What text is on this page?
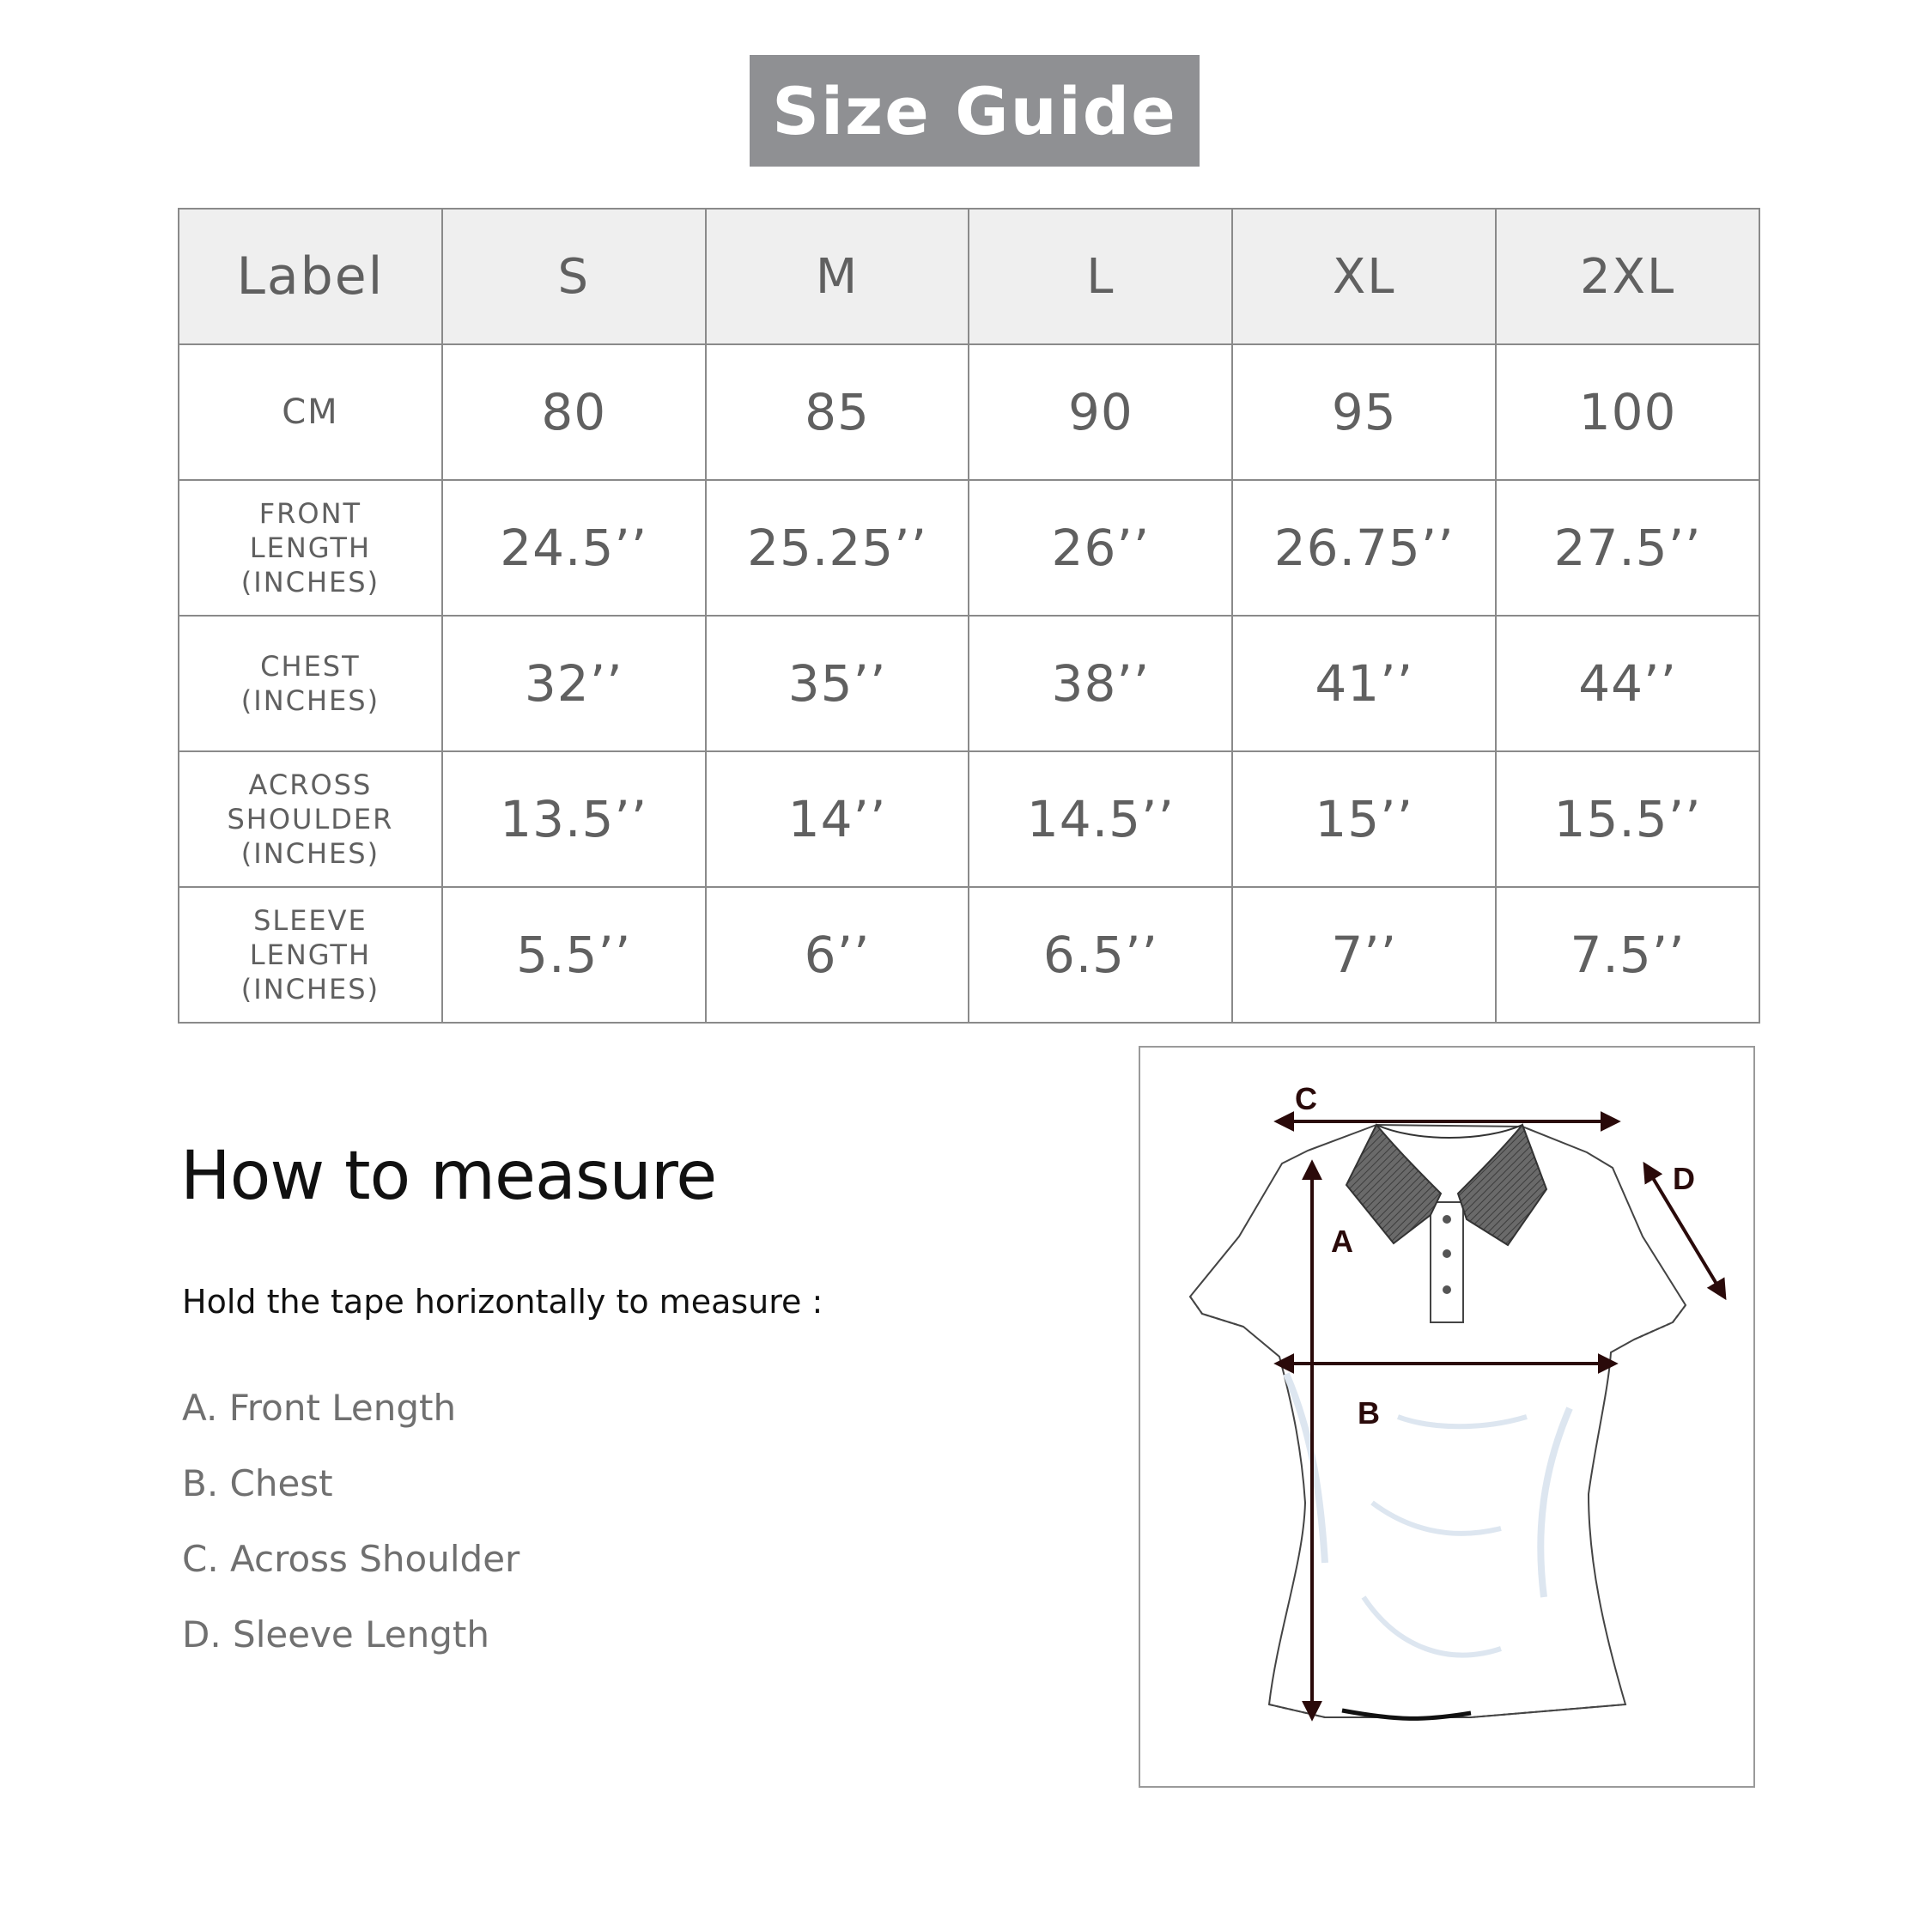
Size Guide
Label	S	M	L	XL	2XL

CM	80	85	90	95	100

FRONT
LENGTH
(INCHES)	24.5’’	25.25’’	26’’	26.75’’	27.5’’

CHEST
(INCHES)	32’’	35’’	38’’	41’’	44’’

ACROSS
SHOULDER
(INCHES)	13.5’’	14’’	14.5’’	15’’	15.5’’

SLEEVE
LENGTH
(INCHES)	5.5’’	6’’	6.5’’	7’’	7.5’’
How to measure
Hold the tape horizontally to measure :
A. Front Length
B. Chest
C. Across Shoulder
D. Sleeve Length
A
B
C
D
